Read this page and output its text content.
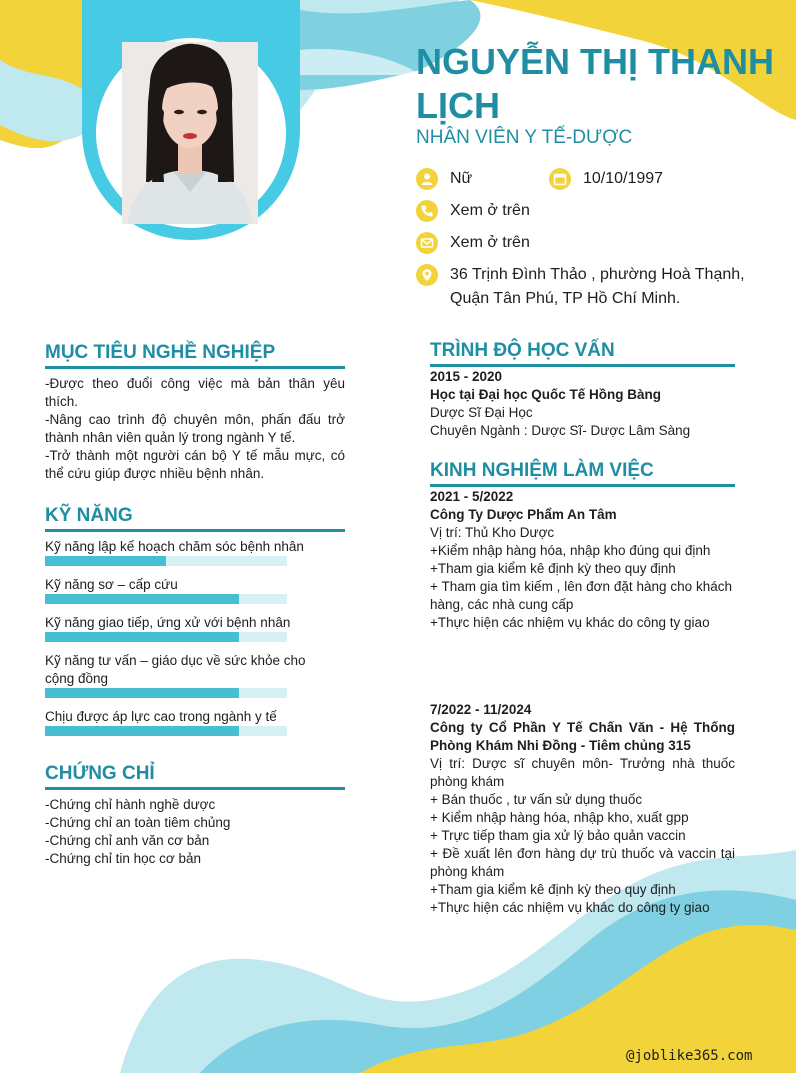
NGUYỄN THỊ THANH LỊCH
NHÂN VIÊN Y TẾ-DƯỢC
Nữ	10/10/1997
Xem ở trên
Xem ở trên
36 Trịnh Đình Thảo , phường Hoà Thạnh,
Quận Tân Phú, TP Hồ Chí Minh.
MỤC TIÊU NGHỀ NGHIỆP

-Được theo đuổi công việc mà bản thân yêu thích.

-Nâng cao trình độ chuyên môn, phấn đấu trở thành nhân viên quản lý trong ngành Y tế.

-Trở thành một người cán bộ Y tế mẫu mực, có thể cứu giúp được nhiều bệnh nhân.

KỸ NĂNG
Kỹ năng lập kế hoạch chăm sóc bệnh nhân
Kỹ năng sơ – cấp cứu
Kỹ năng giao tiếp, ứng xử với bệnh nhân
Kỹ năng tư vấn – giáo dục về sức khỏe cho cộng đồng
Chịu được áp lực cao trong ngành y tế
CHỨNG CHỈ

-Chứng chỉ hành nghề dược

-Chứng chỉ an toàn tiêm chủng

-Chứng chỉ anh văn cơ bản

-Chứng chỉ tin học cơ bản

TRÌNH ĐỘ HỌC VẤN

2015 - 2020

Học tại Đại học Quốc Tế Hồng Bàng

Dược Sĩ Đại Học

Chuyên Ngành : Dược Sĩ- Dược Lâm Sàng

KINH NGHIỆM LÀM VIỆC

2021 - 5/2022

Công Ty Dược Phẩm An Tâm

Vị trí: Thủ Kho Dược

+Kiểm nhập hàng hóa, nhập kho đúng qui định

+Tham gia kiểm kê định kỳ theo quy định

+ Tham gia tìm kiếm , lên đơn đặt hàng cho khách hàng, các nhà cung cấp

+Thực hiện các nhiệm vụ khác do công ty giao

7/2022 - 11/2024

Công ty Cổ Phần Y Tế Chấn Văn - Hệ Thống Phòng Khám Nhi Đồng - Tiêm chủng 315

Vị trí: Dược sĩ chuyên môn- Trưởng nhà thuốc phòng khám

+ Bán thuốc , tư vấn sử dụng thuốc

+ Kiểm nhập hàng hóa, nhập kho, xuất gpp

+ Trực tiếp tham gia xử lý bảo quản vaccin

+ Đề xuất lên đơn hàng dự trù thuốc và vaccin tại phòng khám

+Tham gia kiểm kê định kỳ theo quy định

+Thực hiện các nhiệm vụ khác do công ty giao

@joblike365.com
